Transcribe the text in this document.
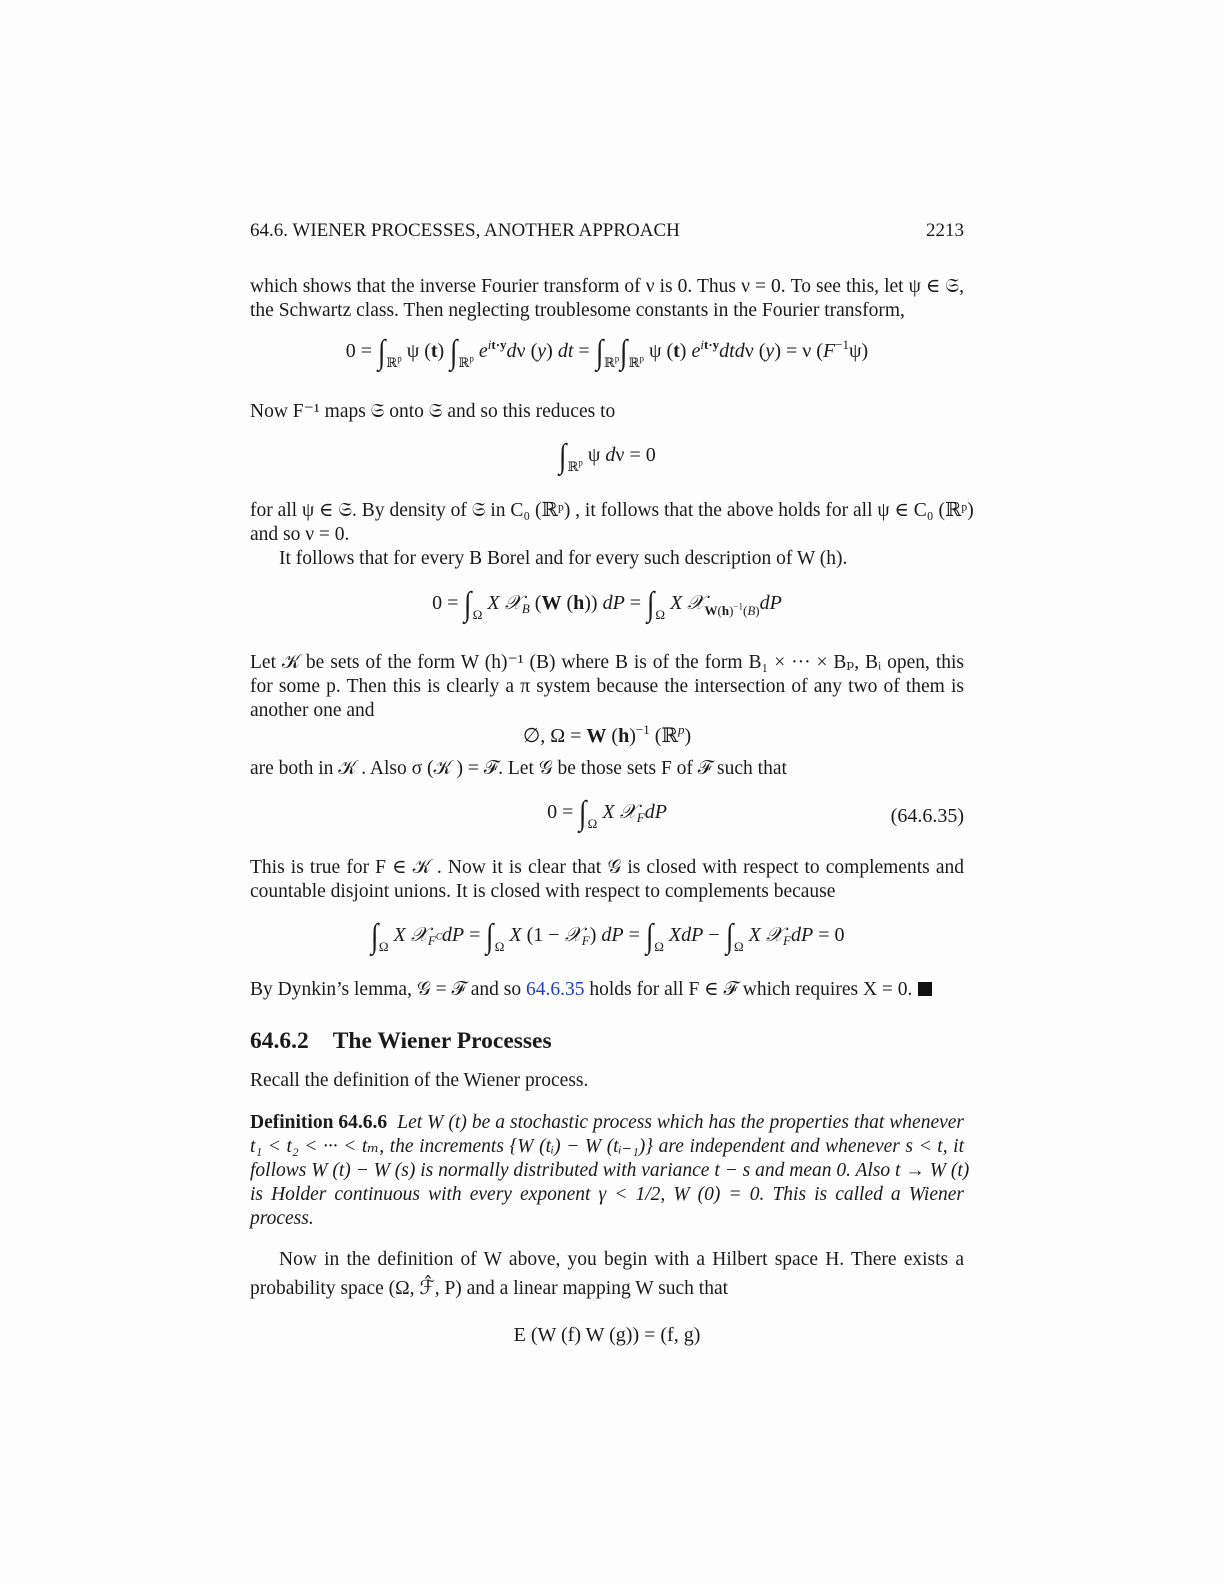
64.6. WIENER PROCESSES, ANOTHER APPROACH	2213
which shows that the inverse Fourier transform of ν is 0. Thus ν = 0. To see this, let ψ ∈ 𝔖,
the Schwartz class. Then neglecting troublesome constants in the Fourier transform,
$0 = \int_{ℝ^p}$ ψ (t) $\int_{ℝ^p}$ $e^{it\cdot y}d\nu$ (y) dt = $\int_{ℝ^p}\int_{ℝ^p}$ ψ (t) $e^{it\cdot y}dtd\nu$ (y) = ν $(F^{-1}\psi)$
Now F⁻¹ maps 𝔖 onto 𝔖 and so this reduces to
$\int_{ℝ^p}$ ψ dν = 0
for all ψ ∈ 𝔖. By density of 𝔖 in C₀ (ℝᵖ) , it follows that the above holds for all ψ ∈ C₀ (ℝᵖ)
and so ν = 0.
It follows that for every B Borel and for every such description of W (h).
$0 = \int_\Omega$ X 𝒳$_B$ (W (h)) dP = $\int_\Omega$ X 𝒳$_{W(h)^{-1}(B)}$dP
Let 𝒦 be sets of the form W (h)⁻¹ (B) where B is of the form B₁ × ··· × Bₚ, Bᵢ open, this
for some p. Then this is clearly a π system because the intersection of any two of them is
another one and
∅, Ω = W $(h)^{-1}$ (ℝ$^p$)
are both in 𝒦 . Also σ (𝒦 ) = ℱ. Let 𝒢 be those sets F of ℱ such that
$0 = \int_\Omega$ X 𝒳$_F$dP	(64.6.35)
This is true for F ∈ 𝒦 . Now it is clear that 𝒢 is closed with respect to complements and
countable disjoint unions. It is closed with respect to complements because
$\int_\Omega$ X 𝒳$_{F^C}$dP = $\int_\Omega$ X (1 − 𝒳$_F$) dP = $\int_\Omega$ XdP − $\int_\Omega$ X 𝒳$_F$dP = 0
By Dynkin’s lemma, 𝒢 = ℱ and so 64.6.35 holds for all F ∈ ℱ which requires X = 0.
64.6.2 The Wiener Processes
Recall the definition of the Wiener process.
Definition 64.6.6 Let W (t) be a stochastic process which has the properties that whenever
t₁ < t₂ < ··· < tₘ, the increments {W (tᵢ) − W (tᵢ₋₁)} are independent and whenever s < t, it
follows W (t) − W (s) is normally distributed with variance t − s and mean 0. Also t → W (t)
is Holder continuous with every exponent γ < 1/2, W (0) = 0. This is called a Wiener
process.
Now in the definition of W above, you begin with a Hilbert space H. There exists a
probability space (Ω, ℱ̂, P) and a linear mapping W such that
E (W (f) W (g)) = (f, g)
